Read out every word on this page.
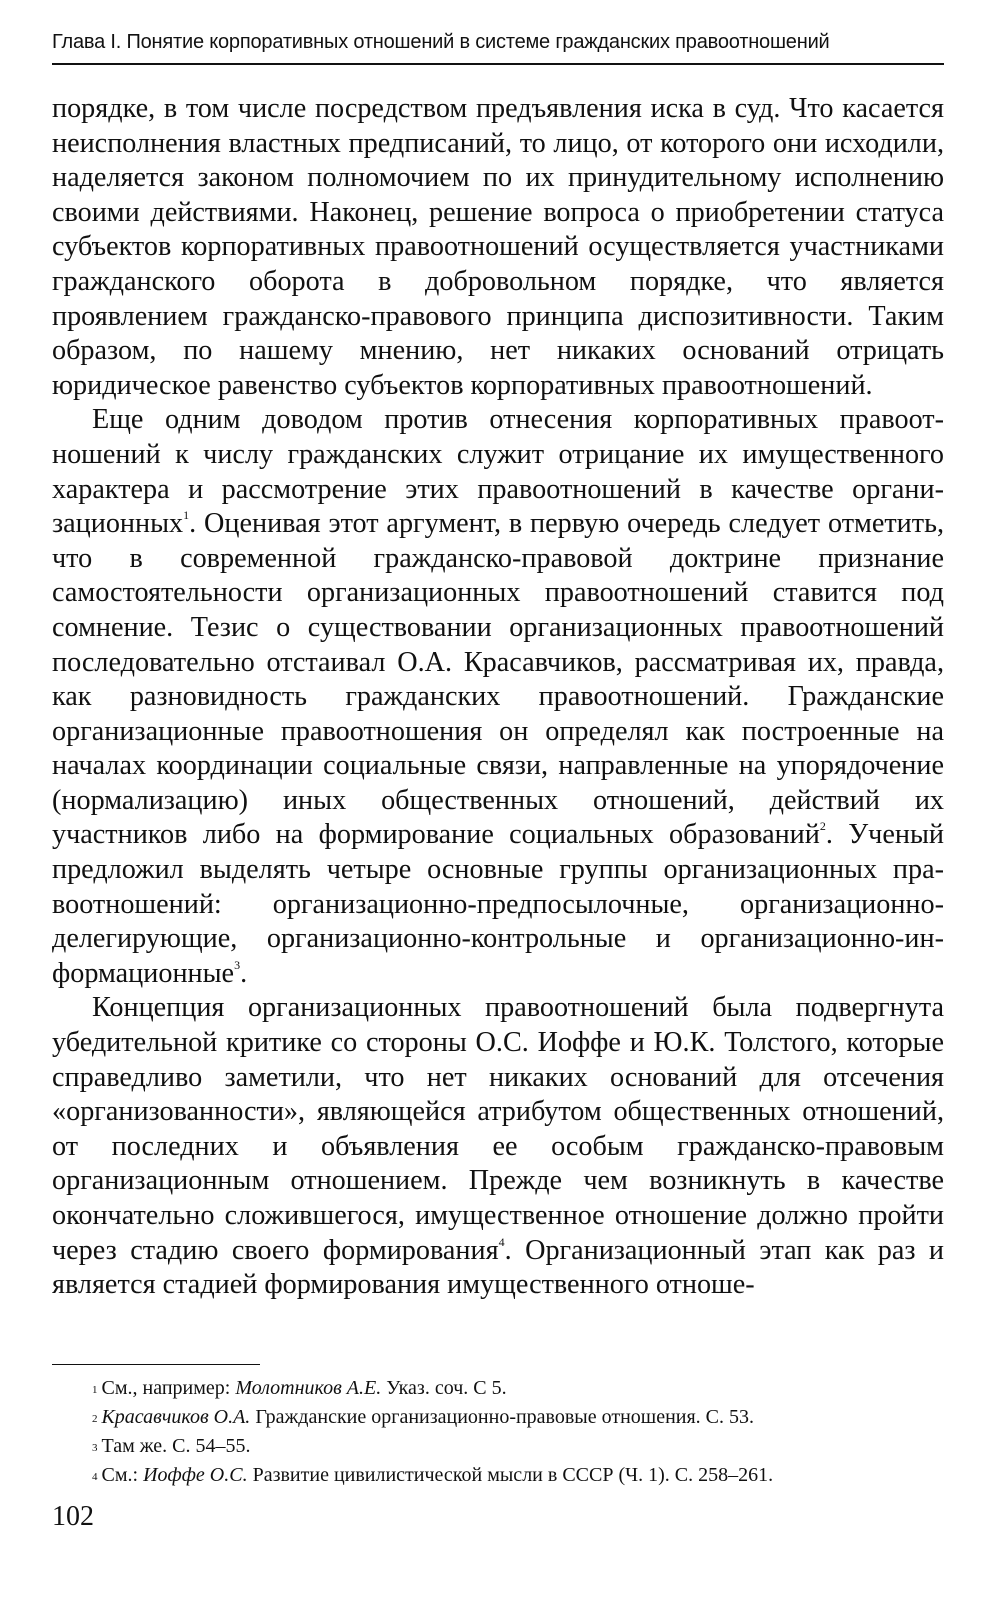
Глава I. Понятие корпоративных отношений в системе гражданских правоотношений

порядке, в том числе посредством предъявления иска в суд. Что касается неисполнения властных предписаний, то лицо, от которого они исходили, наделяется законом полномочием по их принудительному исполнению своими действиями. Наконец, решение вопроса о приобретении статуса субъектов корпоративных правоотношений осуществляется участниками гражданского оборота в добровольном порядке, что является проявлением гражданско-правового принципа диспозитивности. Таким образом, по нашему мнению, нет никаких оснований отрицать юридическое равенство субъектов корпоративных правоотношений.

Еще одним доводом против отнесения корпоративных правоотношений к числу гражданских служит отрицание их имущественного характера и рассмотрение этих правоотношений в качестве организационных$^1$. Оценивая этот аргумент, в первую очередь следует отметить, что в современной гражданско-правовой доктрине признание самостоятельности организационных правоотношений ставится под сомнение. Тезис о существовании организационных правоотношений последовательно отстаивал О.А. Красавчиков, рассматривая их, правда, как разновидность гражданских правоотношений. Гражданские организационные правоотношения он определял как построенные на началах координации социальные связи, направленные на упорядочение (нормализацию) иных общественных отношений, действий их участников либо на формирование социальных образований$^2$. Ученый предложил выделять четыре основные группы организационных правоотношений: организационно-предпосылочные, организационно-делегирующие, организационно-контрольные и организационно-информационные$^3$.

Концепция организационных правоотношений была подвергнута убедительной критике со стороны О.С. Иоффе и Ю.К. Толстого, которые справедливо заметили, что нет никаких оснований для отсечения «организованности», являющейся атрибутом общественных отношений, от последних и объявления ее особым гражданско-правовым организационным отношением. Прежде чем возникнуть в качестве окончательно сложившегося, имущественное отношение должно пройти через стадию своего формирования$^4$. Организационный этап как раз и является стадией формирования имущественного отноше-

$^1$ См., например: Молотников А.Е. Указ. соч. С 5.

$^2$ Красавчиков О.А. Гражданские организационно-правовые отношения. С. 53.

$^3$ Там же. С. 54–55.

$^4$ См.: Иоффе О.С. Развитие цивилистической мысли в СССР (Ч. 1). С. 258–261.

102
